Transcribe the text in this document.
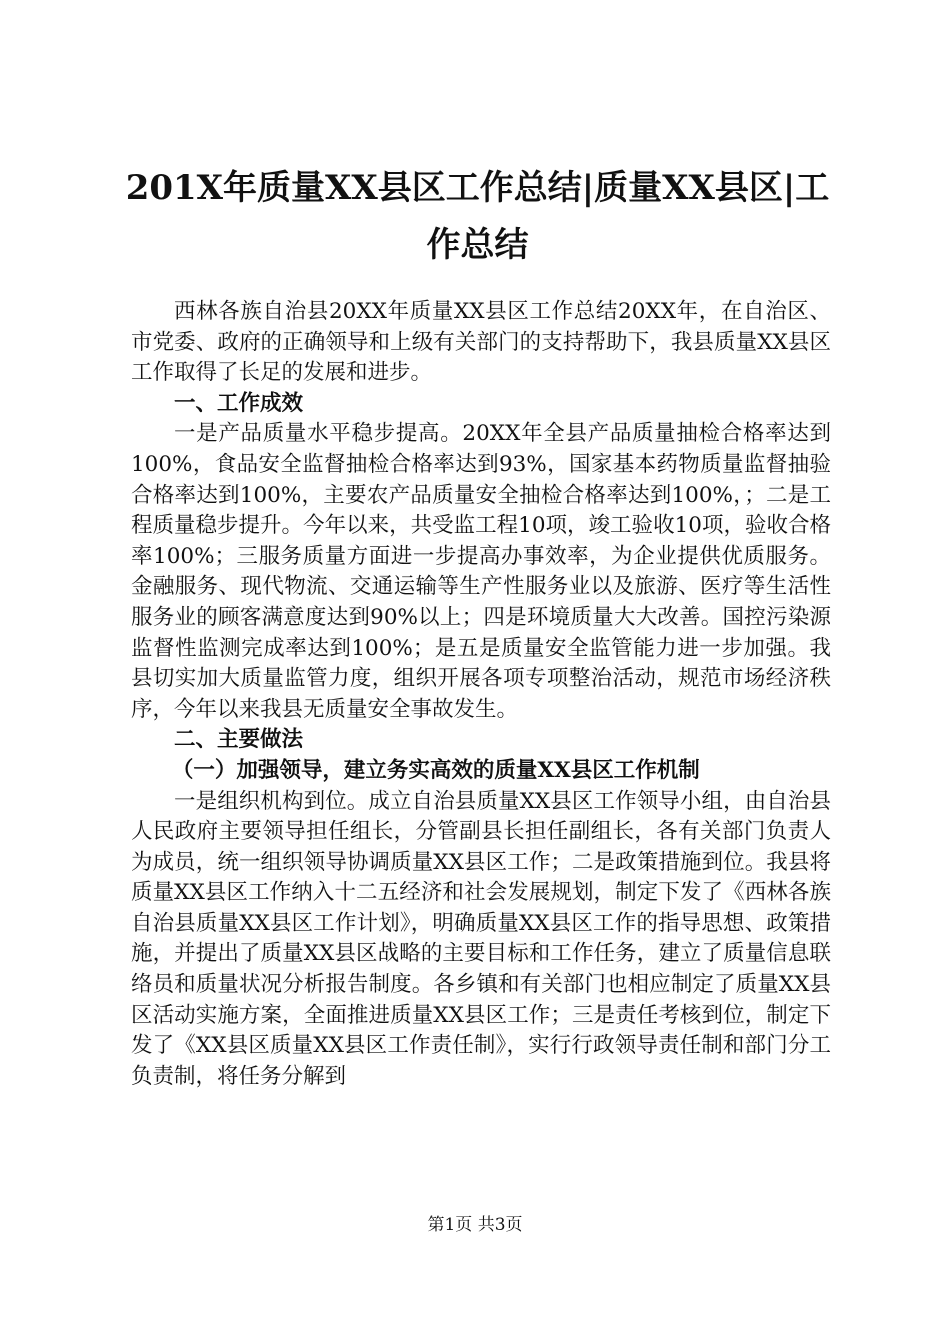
201X年质量XX县区工作总结|质量XX县区|工作总结

西林各族自治县20XX年质量XX县区工作总结20XX年，在自治区、市党委、政府的正确领导和上级有关部门的支持帮助下，我县质量XX县区工作取得了长足的发展和进步。

一、工作成效

一是产品质量水平稳步提高。20XX年全县产品质量抽检合格率达到100%，食品安全监督抽检合格率达到93%，国家基本药物质量监督抽验合格率达到100%，主要农产品质量安全抽检合格率达到100%，；二是工程质量稳步提升。今年以来，共受监工程10项，竣工验收10项，验收合格率100%；三服务质量方面进一步提高办事效率，为企业提供优质服务。金融服务、现代物流、交通运输等生产性服务业以及旅游、医疗等生活性服务业的顾客满意度达到90%以上；四是环境质量大大改善。国控污染源监督性监测完成率达到100%；是五是质量安全监管能力进一步加强。我县切实加大质量监管力度，组织开展各项专项整治活动，规范市场经济秩序，今年以来我县无质量安全事故发生。

二、主要做法

（一）加强领导，建立务实高效的质量XX县区工作机制

一是组织机构到位。成立自治县质量XX县区工作领导小组，由自治县人民政府主要领导担任组长，分管副县长担任副组长，各有关部门负责人为成员，统一组织领导协调质量XX县区工作；二是政策措施到位。我县将质量XX县区工作纳入十二五经济和社会发展规划，制定下发了《西林各族自治县质量XX县区工作计划》，明确质量XX县区工作的指导思想、政策措施，并提出了质量XX县区战略的主要目标和工作任务，建立了质量信息联络员和质量状况分析报告制度。各乡镇和有关部门也相应制定了质量XX县区活动实施方案，全面推进质量XX县区工作；三是责任考核到位，制定下发了《XX县区质量XX县区工作责任制》，实行行政领导责任制和部门分工负责制，将任务分解到

第1页 共3页
